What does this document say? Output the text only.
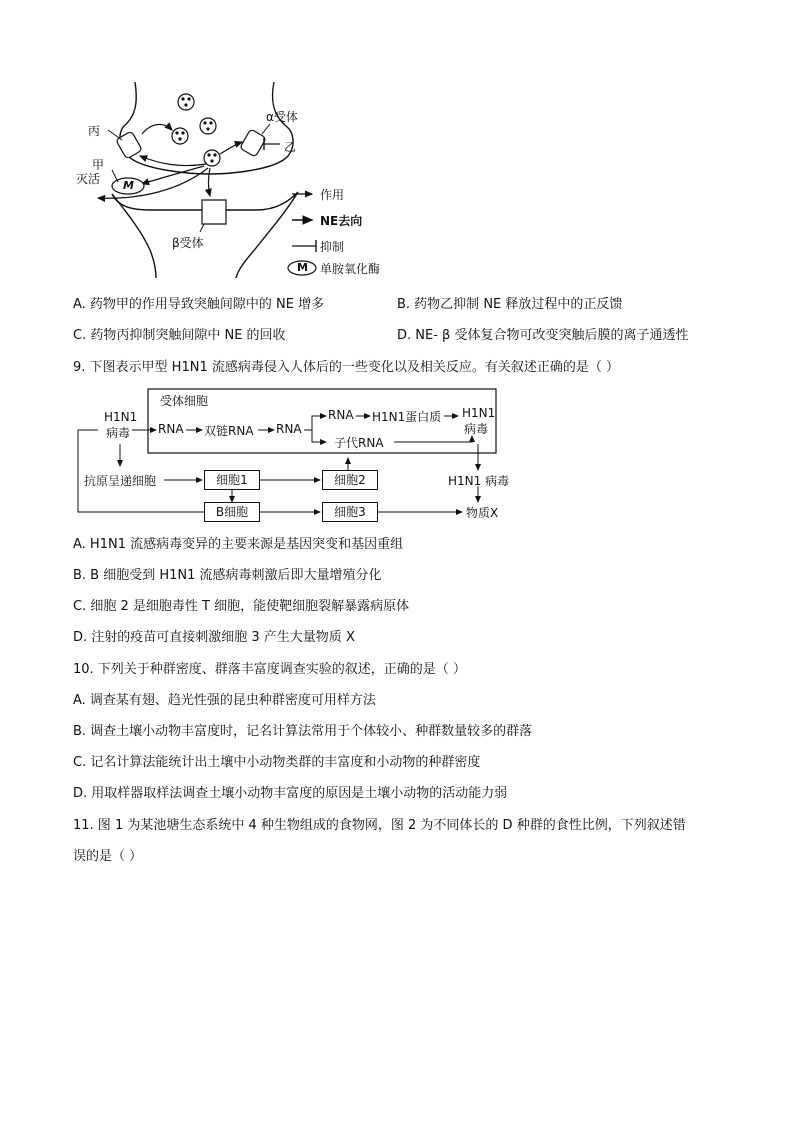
丙
α受体
乙
甲
灭活 M
β受体
作用
NE去向
抑制
M 单胺氧化酶
A. 药物甲的作用导致突触间隙中的 NE 增多	B. 药物乙抑制 NE 释放过程中的正反馈
C. 药物丙抑制突触间隙中 NE 的回收	D. NE- β 受体复合物可改变突触后膜的离子通透性
9. 下图表示甲型 H1N1 流感病毒侵入人体后的一些变化以及相关反应。有关叙述正确的是（ ）
受体细胞
H1N1
病毒 RNA 双链RNA RNA
RNA H1N1蛋白质
子代RNA
H1N1
病毒
抗原呈递细胞	细胞1	细胞2
B细胞	细胞3
H1N1 病毒
物质X
A. H1N1 流感病毒变异的主要来源是基因突变和基因重组
B. B 细胞受到 H1N1 流感病毒刺激后即大量增殖分化
C. 细胞 2 是细胞毒性 T 细胞，能使靶细胞裂解暴露病原体
D. 注射的疫苗可直接刺激细胞 3 产生大量物质 X
10. 下列关于种群密度、群落丰富度调查实验的叙述，正确的是（ ）
A. 调查某有翅、趋光性强的昆虫种群密度可用样方法
B. 调查土壤小动物丰富度时，记名计算法常用于个体较小、种群数量较多的群落
C. 记名计算法能统计出土壤中小动物类群的丰富度和小动物的种群密度
D. 用取样器取样法调查土壤小动物丰富度的原因是土壤小动物的活动能力弱
11. 图 1 为某池塘生态系统中 4 种生物组成的食物网，图 2 为不同体长的 D 种群的食性比例，下列叙述错
误的是（ ）
